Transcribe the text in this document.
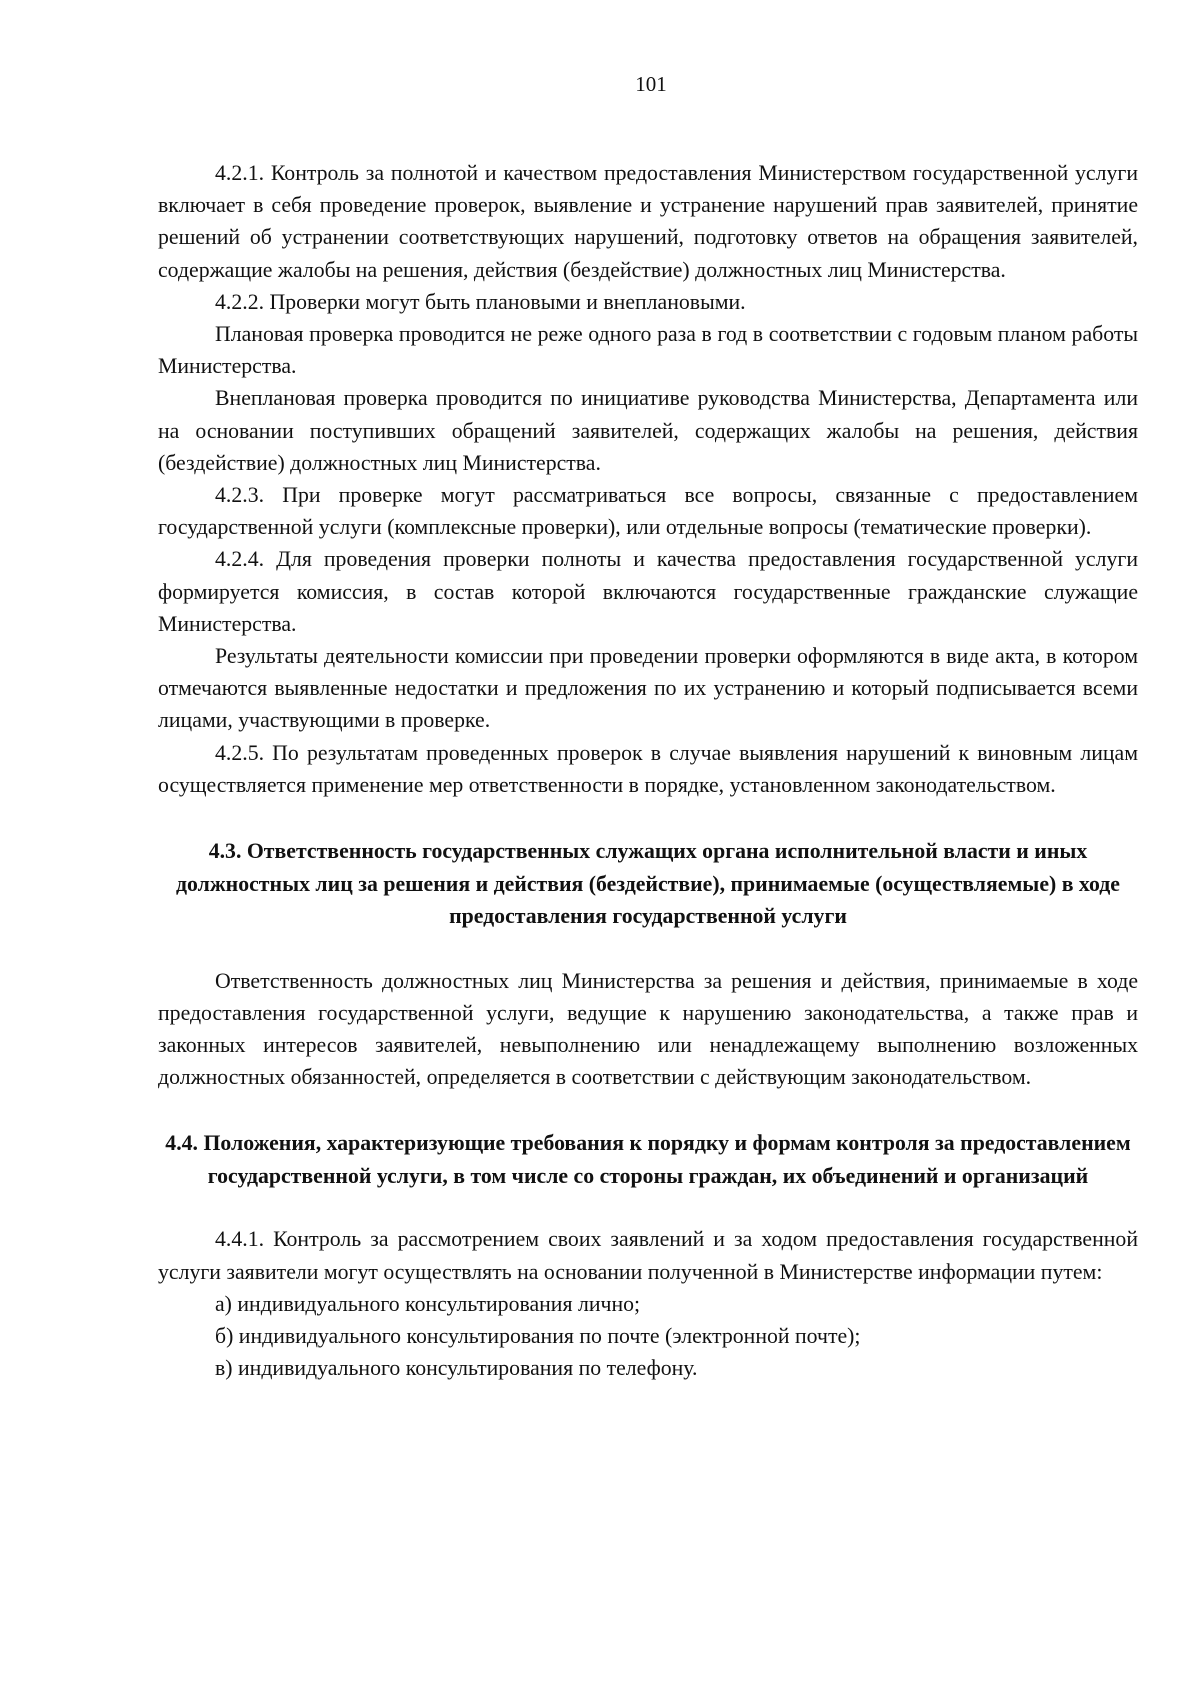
101

4.2.1. Контроль за полнотой и качеством предоставления Министерством государственной услуги включает в себя проведение проверок, выявление и устранение нарушений прав заявителей, принятие решений об устранении соответствующих нарушений, подготовку ответов на обращения заявителей, содержащие жалобы на решения, действия (бездействие) должностных лиц Министерства.

4.2.2. Проверки могут быть плановыми и внеплановыми.

Плановая проверка проводится не реже одного раза в год в соответствии с годовым планом работы Министерства.

Внеплановая проверка проводится по инициативе руководства Министерства, Департамента или на основании поступивших обращений заявителей, содержащих жалобы на решения, действия (бездействие) должностных лиц Министерства.

4.2.3. При проверке могут рассматриваться все вопросы, связанные с предоставлением государственной услуги (комплексные проверки), или отдельные вопросы (тематические проверки).

4.2.4. Для проведения проверки полноты и качества предоставления государственной услуги формируется комиссия, в состав которой включаются государственные гражданские служащие Министерства.

Результаты деятельности комиссии при проведении проверки оформляются в виде акта, в котором отмечаются выявленные недостатки и предложения по их устранению и который подписывается всеми лицами, участвующими в проверке.

4.2.5. По результатам проведенных проверок в случае выявления нарушений к виновным лицам осуществляется применение мер ответственности в порядке, установленном законодательством.

4.3. Ответственность государственных служащих органа исполнительной власти и иных должностных лиц за решения и действия (бездействие), принимаемые (осуществляемые) в ходе предоставления государственной услуги

Ответственность должностных лиц Министерства за решения и действия, принимаемые в ходе предоставления государственной услуги, ведущие к нарушению законодательства, а также прав и законных интересов заявителей, невыполнению или ненадлежащему выполнению возложенных должностных обязанностей, определяется в соответствии с действующим законодательством.

4.4. Положения, характеризующие требования к порядку и формам контроля за предоставлением государственной услуги, в том числе со стороны граждан, их объединений и организаций

4.4.1. Контроль за рассмотрением своих заявлений и за ходом предоставления государственной услуги заявители могут осуществлять на основании полученной в Министерстве информации путем:

а) индивидуального консультирования лично;

б) индивидуального консультирования по почте (электронной почте);

в) индивидуального консультирования по телефону.
